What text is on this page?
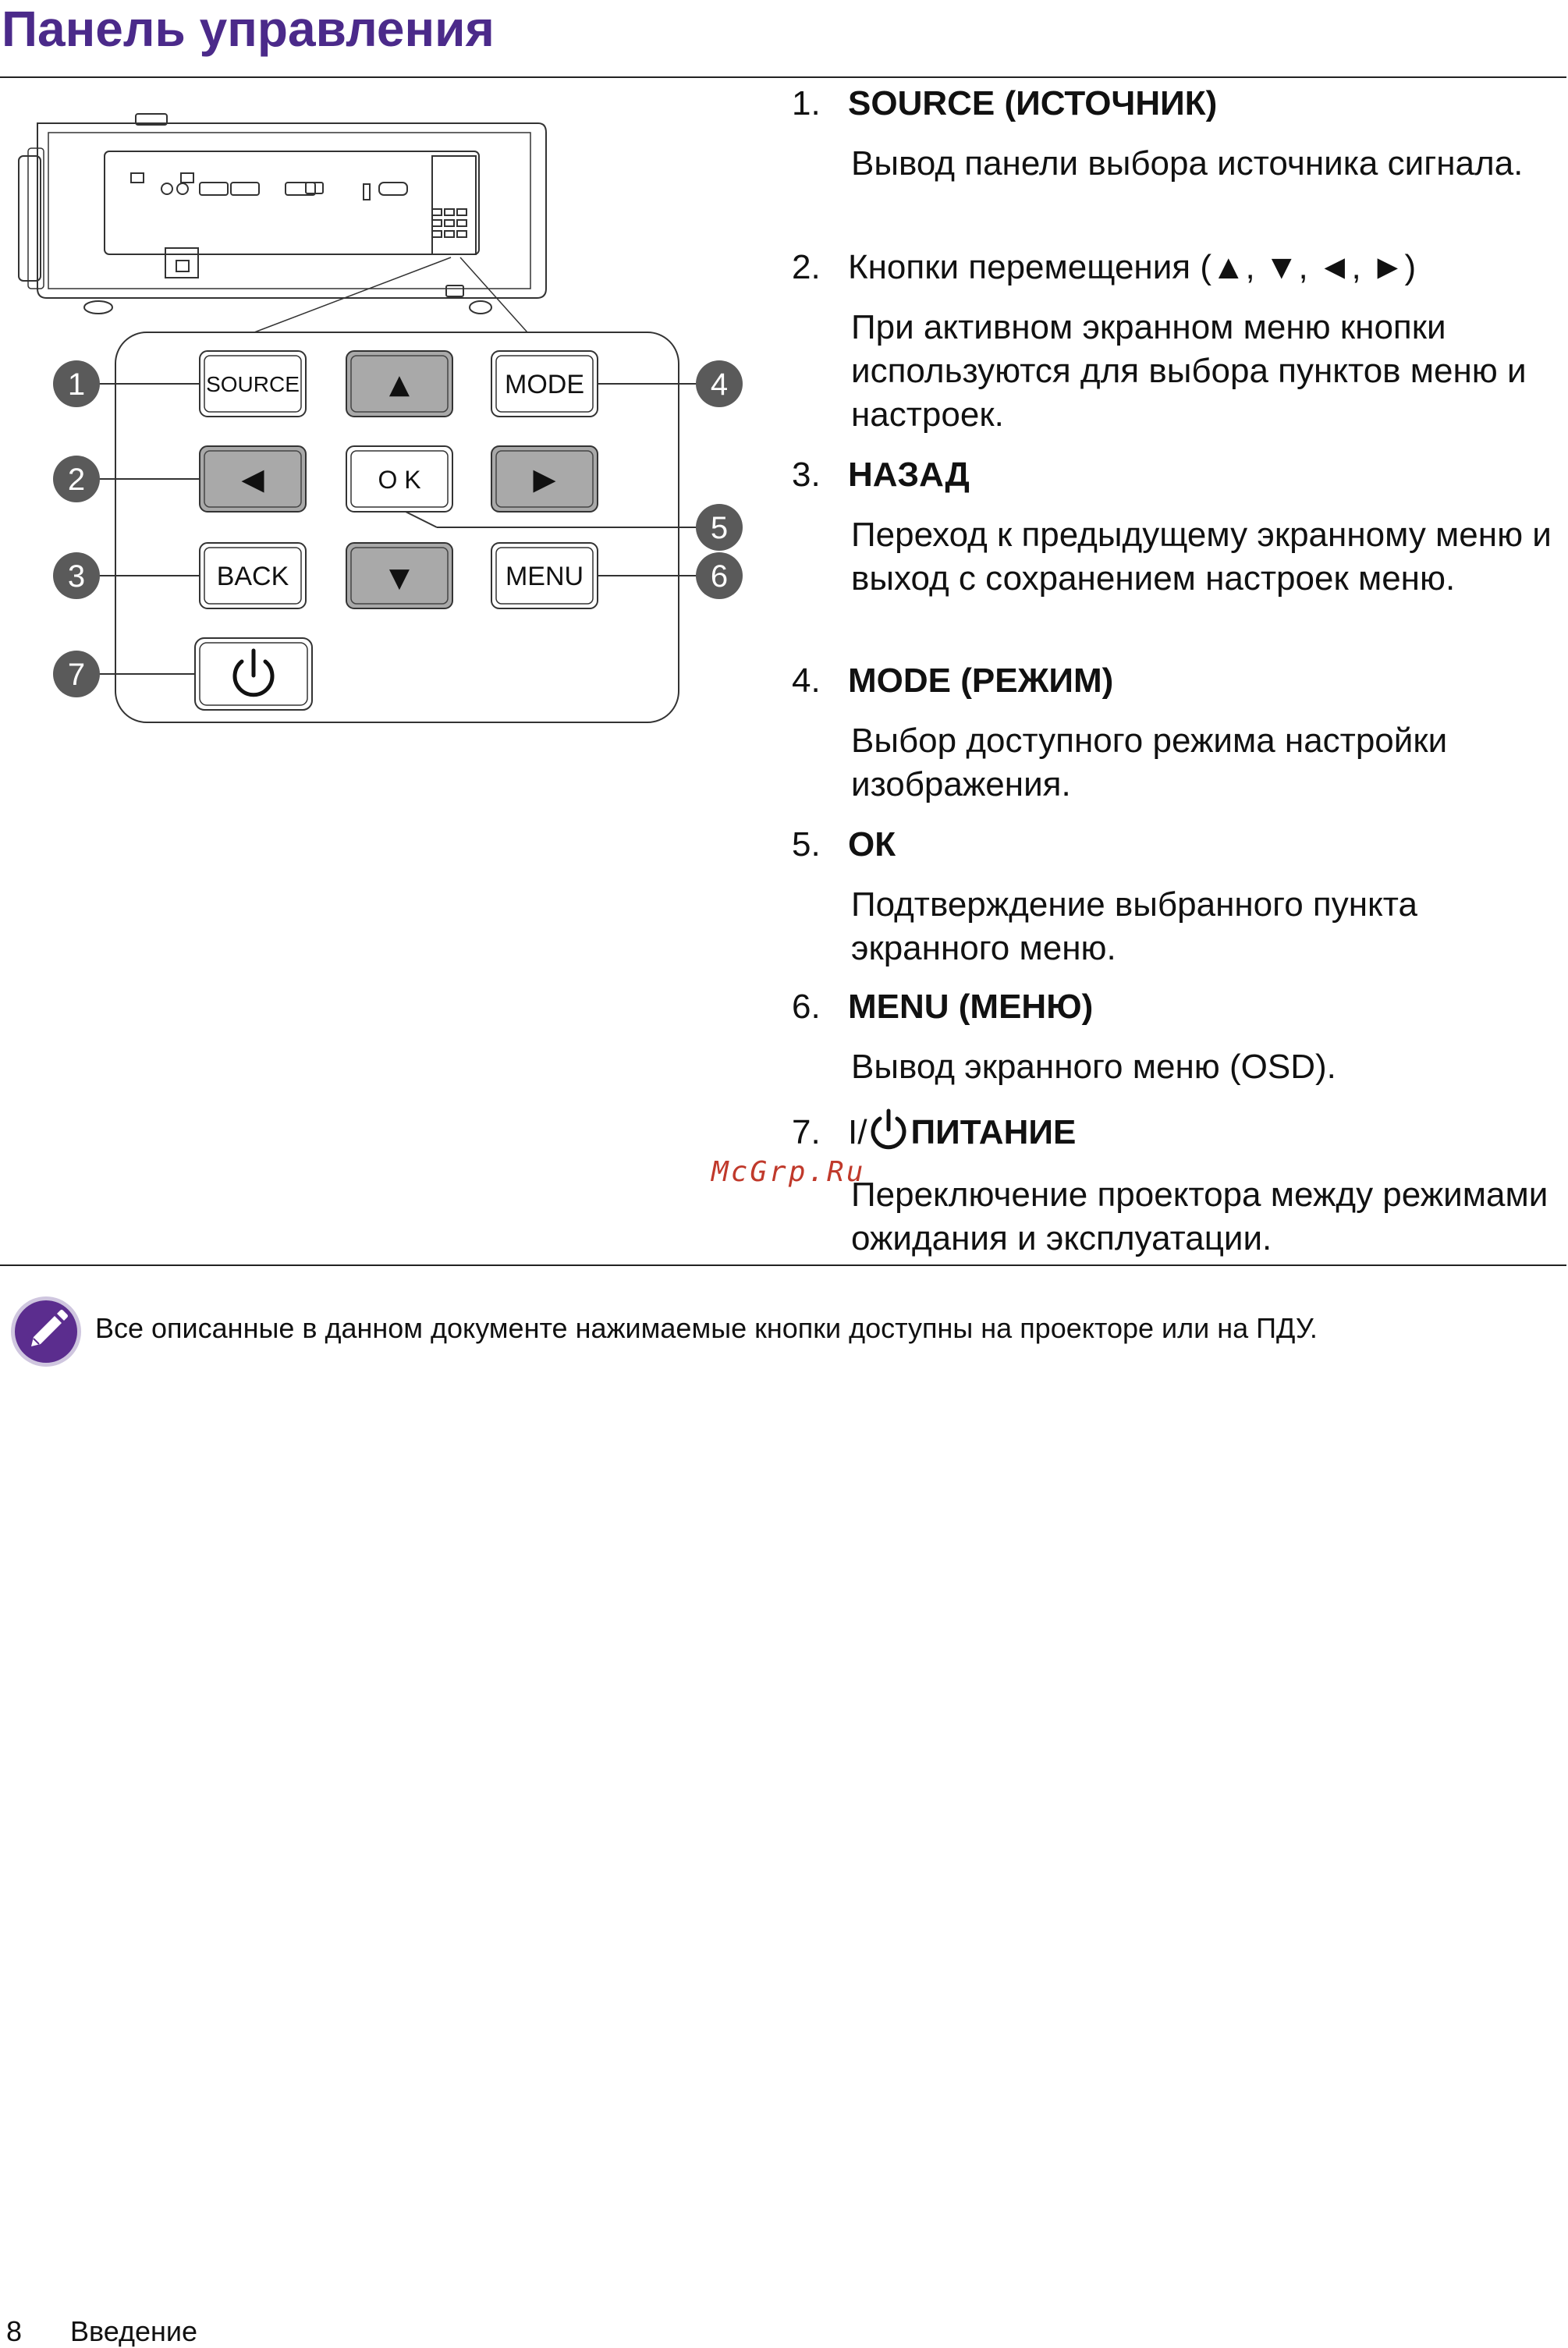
Панель управления
SOURCE	▲	MODE
◀	O K	▶
BACK	▼	MENU
1
2
3
4
5
6
7
1. SOURCE (ИСТОЧНИК)
Вывод панели выбора источника сигнала.
2. Кнопки перемещения (▲, ▼, ◄, ►)
При активном экранном меню кнопки используются для выбора пунктов меню и настроек.
3. НАЗАД
Переход к предыдущему экранному меню и выход с сохранением настроек меню.
4. MODE (РЕЖИМ)
Выбор доступного режима настройки изображения.
5. ОК
Подтверждение выбранного пункта экранного меню.
6. MENU (МЕНЮ)
Вывод экранного меню (OSD).
7. I/ ПИТАНИЕ
Переключение проектора между режимами ожидания и эксплуатации.
McGrp.Ru
Все описанные в данном документе нажимаемые кнопки доступны на проекторе или на ПДУ.
8 Введение
